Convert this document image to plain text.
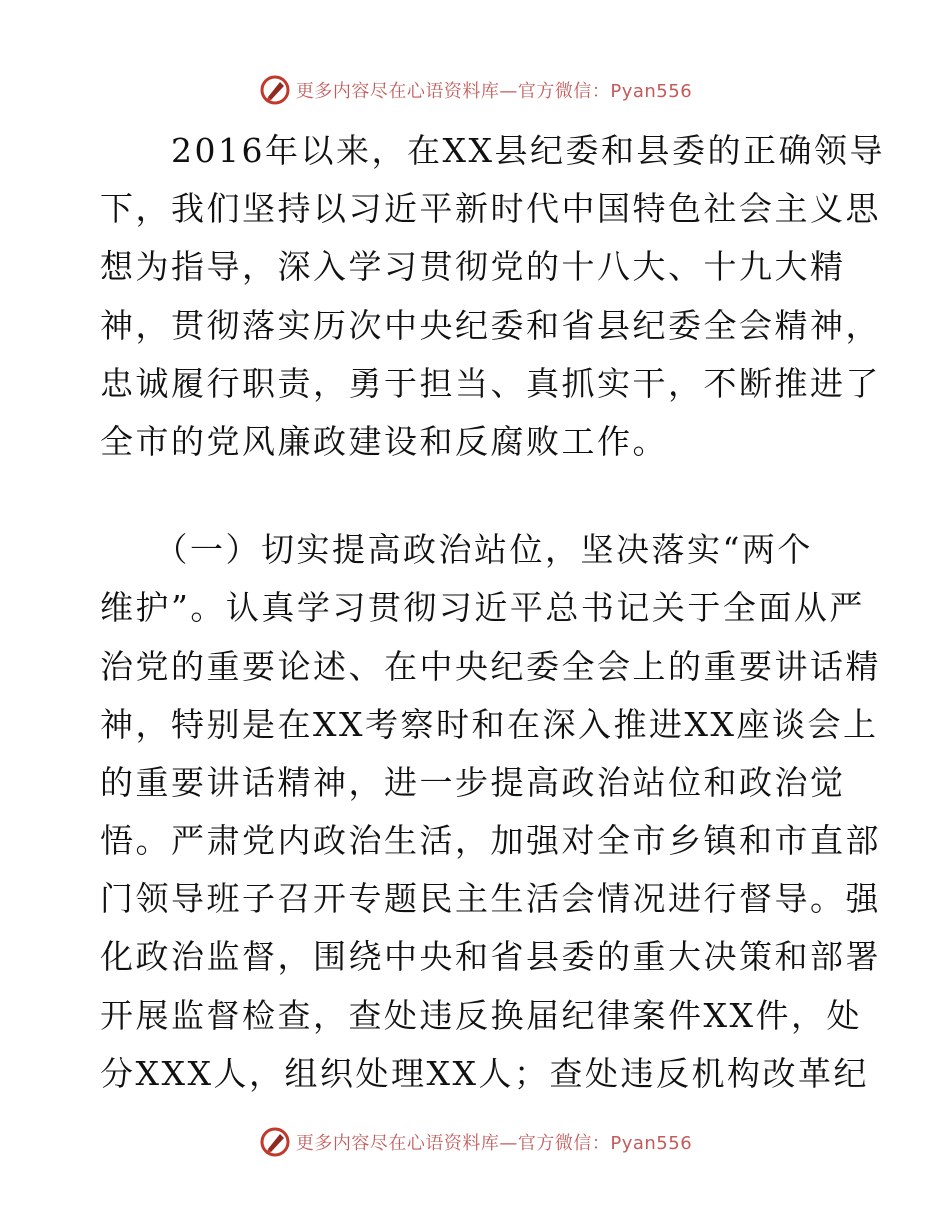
更多内容尽在心语资料库—官方微信：Pyan556
　　2016年以来，在XX县纪委和县委的正确领导
下，我们坚持以习近平新时代中国特色社会主义思
想为指导，深入学习贯彻党的十八大、十九大精
神，贯彻落实历次中央纪委和省县纪委全会精神，
忠诚履行职责，勇于担当、真抓实干，不断推进了
全市的党风廉政建设和反腐败工作。
　　（一）切实提高政治站位，坚决落实“两个
维护”。认真学习贯彻习近平总书记关于全面从严
治党的重要论述、在中央纪委全会上的重要讲话精
神，特别是在XX考察时和在深入推进XX座谈会上
的重要讲话精神，进一步提高政治站位和政治觉
悟。严肃党内政治生活，加强对全市乡镇和市直部
门领导班子召开专题民主生活会情况进行督导。强
化政治监督，围绕中央和省县委的重大决策和部署
开展监督检查，查处违反换届纪律案件XX件，处
分XXX人，组织处理XX人；查处违反机构改革纪
更多内容尽在心语资料库—官方微信：Pyan556
